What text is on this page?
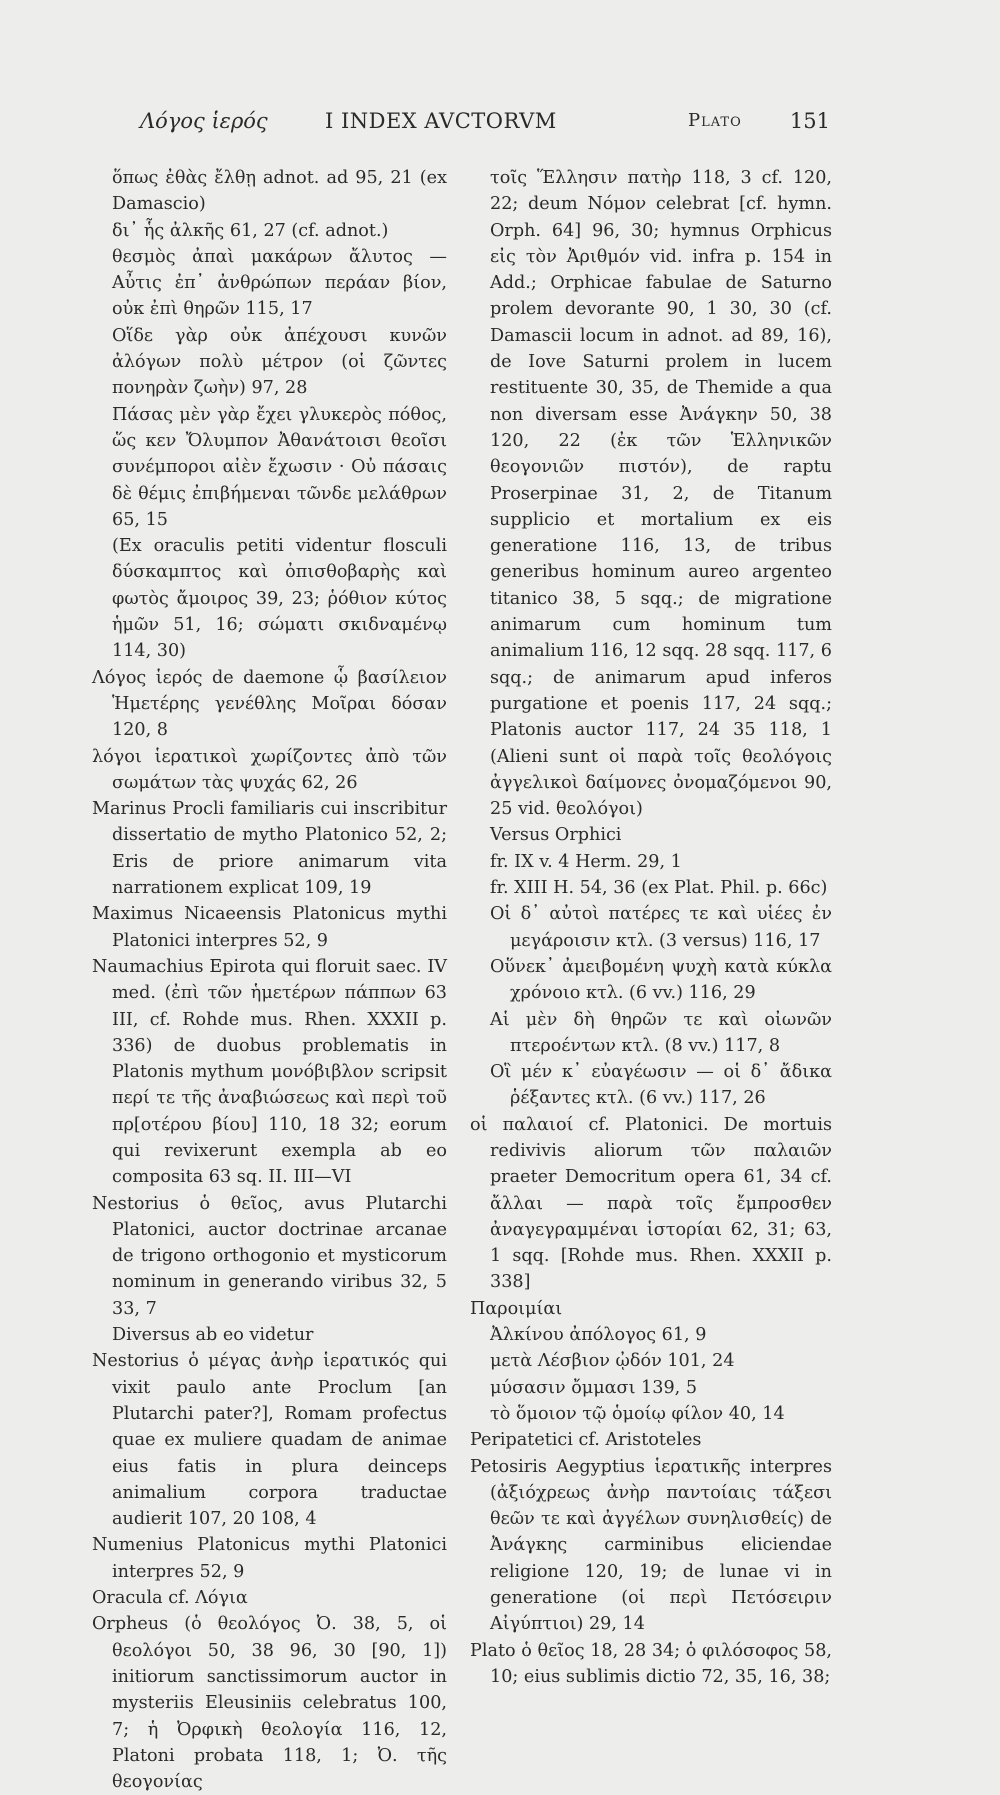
Λόγος ἱερός	I INDEX AVCTORVM	Plato 151

ὅπως ἐθὰς ἔλθῃ adnot. ad 95, 21 (ex Damascio)

δι᾽ ἧς ἀλκῆς 61, 27 (cf. adnot.)

θεσμὸς ἀπαὶ μακάρων ἄλυτος — Αὖτις ἐπ᾽ ἀνθρώπων περάαν βίον, οὐκ ἐπὶ θηρῶν 115, 17

Οἵδε γὰρ οὐκ ἀπέχουσι κυνῶν ἀλόγων πολὺ μέτρον (οἱ ζῶντες πονηρὰν ζωὴν) 97, 28

Πάσας μὲν γὰρ ἔχει γλυκερὸς πόθος, ὥς κεν Ὄλυμπον Ἀθανάτοισι θεοῖσι συνέμποροι αἰὲν ἔχωσιν · Οὐ πάσαις δὲ θέμις ἐπιβήμεναι τῶνδε μελάθρων 65, 15

(Ex oraculis petiti videntur flosculi δύσκαμπτος καὶ ὀπισθοβαρὴς καὶ φωτὸς ἄμοιρος 39, 23; ῥόθιον κύτος ἡμῶν 51, 16; σώματι σκιδναμένῳ 114, 30)

Λόγος ἱερός de daemone ᾧ βασίλειον Ἡμετέρης γενέθλης Μοῖραι δόσαν 120, 8

λόγοι ἱερατικοὶ χωρίζοντες ἀπὸ τῶν σωμάτων τὰς ψυχάς 62, 26

Marinus Procli familiaris cui inscribitur dissertatio de mytho Platonico 52, 2; Eris de priore animarum vita narrationem explicat 109, 19

Maximus Nicaeensis Platonicus mythi Platonici interpres 52, 9

Naumachius Epirota qui floruit saec. IV med. (ἐπὶ τῶν ἡμετέρων πάππων 63 III, cf. Rohde mus. Rhen. XXXII p. 336) de duobus problematis in Platonis mythum μονόβιβλον scripsit περί τε τῆς ἀναβιώσεως καὶ περὶ τοῦ πρ[οτέρου βίου] 110, 18 32; eorum qui revixerunt exempla ab eo composita 63 sq. II. III—VI

Nestorius ὁ θεῖος, avus Plutarchi Platonici, auctor doctrinae arcanae de trigono orthogonio et mysticorum nominum in generando viribus 32, 5 33, 7

Diversus ab eo videtur

Nestorius ὁ μέγας ἀνὴρ ἱερατικός qui vixit paulo ante Proclum [an Plutarchi pater?], Romam profectus quae ex muliere quadam de animae eius fatis in plura deinceps animalium corpora traductae audierit 107, 20 108, 4

Numenius Platonicus mythi Platonici interpres 52, 9

Oracula cf. Λόγια

Orpheus (ὁ θεολόγος Ὀ. 38, 5, οἱ θεολόγοι 50, 38 96, 30 [90, 1]) initiorum sanctissimorum auctor in mysteriis Eleusiniis celebratus 100, 7; ἡ Ὀρφικὴ θεολογία 116, 12, Platoni probata 118, 1; Ὀ. τῆς θεογονίας

τοῖς Ἕλλησιν πατὴρ 118, 3 cf. 120, 22; deum Νόμον celebrat [cf. hymn. Orph. 64] 96, 30; hymnus Orphicus εἰς τὸν Ἀριθμόν vid. infra p. 154 in Add.; Orphicae fabulae de Saturno prolem devorante 90, 1 30, 30 (cf. Damascii locum in adnot. ad 89, 16), de Iove Saturni prolem in lucem restituente 30, 35, de Themide a qua non diversam esse Ἀνάγκην 50, 38 120, 22 (ἐκ τῶν Ἑλληνικῶν θεογονιῶν πιστόν), de raptu Proserpinae 31, 2, de Titanum supplicio et mortalium ex eis generatione 116, 13, de tribus generibus hominum aureo argenteo titanico 38, 5 sqq.; de migratione animarum cum hominum tum animalium 116, 12 sqq. 28 sqq. 117, 6 sqq.; de animarum apud inferos purgatione et poenis 117, 24 sqq.; Platonis auctor 117, 24 35 118, 1 (Alieni sunt οἱ παρὰ τοῖς θεολόγοις ἀγγελικοὶ δαίμονες ὀνομαζόμενοι 90, 25 vid. θεολόγοι)

Versus Orphici

fr. IX v. 4 Herm. 29, 1

fr. XIII H. 54, 36 (ex Plat. Phil. p. 66c)

Οἱ δ᾽ αὐτοὶ πατέρες τε καὶ υἱέες ἐν μεγάροισιν κτλ. (3 versus) 116, 17

Οὕνεκ᾽ ἀμειβομένη ψυχὴ κατὰ κύκλα χρόνοιο κτλ. (6 vv.) 116, 29

Αἱ μὲν δὴ θηρῶν τε καὶ οἰωνῶν πτεροέντων κτλ. (8 vv.) 117, 8

Οἳ μέν κ᾽ εὐαγέωσιν — οἱ δ᾽ ἄδικα ῥέξαντες κτλ. (6 vv.) 117, 26

οἱ παλαιοί cf. Platonici. De mortuis redivivis aliorum τῶν παλαιῶν praeter Democritum opera 61, 34 cf. ἄλλαι — παρὰ τοῖς ἔμπροσθεν ἀναγεγραμμέναι ἱστορίαι 62, 31; 63, 1 sqq. [Rohde mus. Rhen. XXXII p. 338]

Παροιμίαι

Ἀλκίνου ἀπόλογος 61, 9

μετὰ Λέσβιον ᾠδόν 101, 24

μύσασιν ὄμμασι 139, 5

τὸ ὅμοιον τῷ ὁμοίῳ φίλον 40, 14

Peripatetici cf. Aristoteles

Petosiris Aegyptius ἱερατικῆς interpres (ἀξιόχρεως ἀνὴρ παντοίαις τάξεσι θεῶν τε καὶ ἀγγέλων συνηλισθείς) de Ἀνάγκης carminibus eliciendae religione 120, 19; de lunae vi in generatione (οἱ περὶ Πετόσειριν Αἰγύπτιοι) 29, 14

Plato ὁ θεῖος 18, 28 34; ὁ φιλόσοφος 58, 10; eius sublimis dictio 72, 35, 16, 38;
